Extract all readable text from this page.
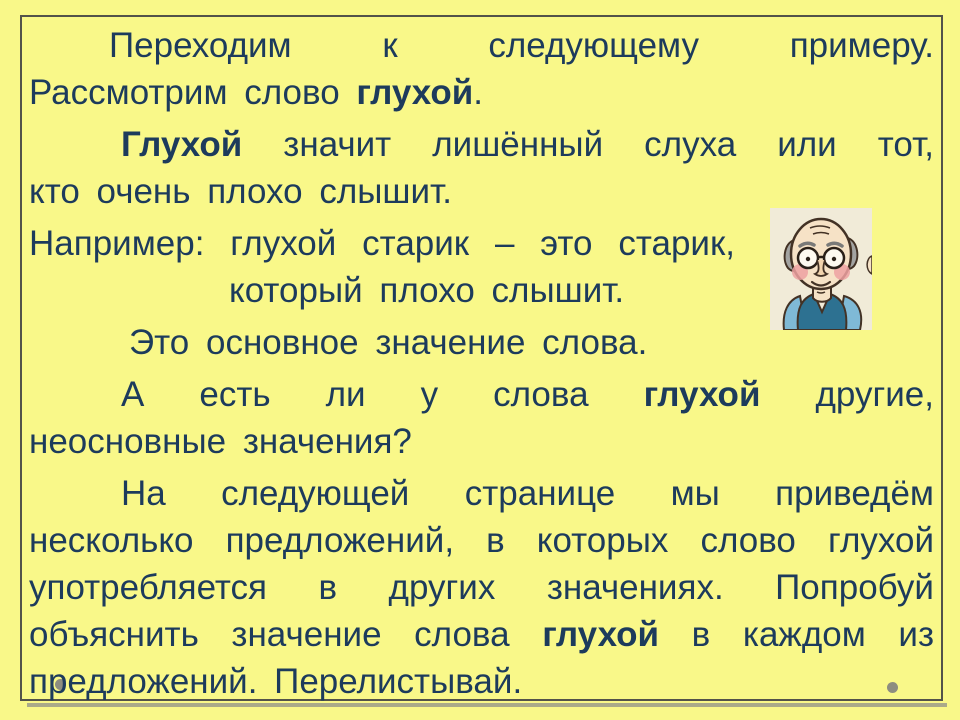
Переходим к следующему примеру.
Рассмотрим слово глухой.
Глухой значит лишённый слуха или тот,
кто очень плохо слышит.
Например: глухой старик – это старик,
который плохо слышит.
Это основное значение слова.
А есть ли у слова глухой другие,
неосновные значения?
На следующей странице мы приведём
несколько предложений, в которых слово глухой
употребляется в других значениях. Попробуй
объяснить значение слова глухой в каждом из
предложений. Перелистывай.
